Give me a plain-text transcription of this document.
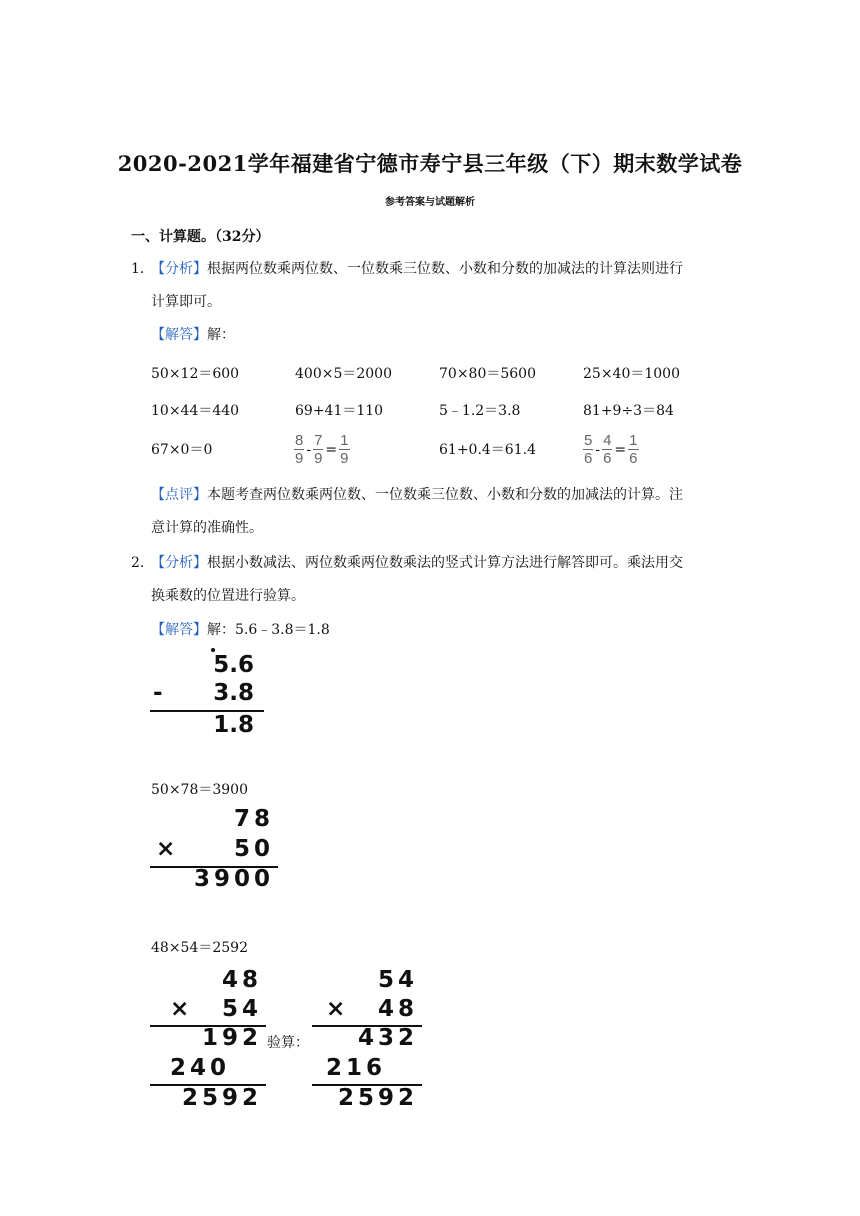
2020-2021学年福建省宁德市寿宁县三年级（下）期末数学试卷
参考答案与试题解析
一、计算题。（32分）
1．
【分析】根据两位数乘两位数、一位数乘三位数、小数和分数的加减法的计算法则进行
计算即可。
【解答】解：
50×12＝600	400×5＝2000	70×80＝5600	25×40＝1000
10×44＝440	69+41＝110	5﹣1.2＝3.8	81+9÷3＝84
67×0＝0	$\frac{8}{9} - \frac{7}{9} = \frac{1}{9}$	61+0.4＝61.4	$\frac{5}{6} - \frac{4}{6} = \frac{1}{6}$
【点评】本题考查两位数乘两位数、一位数乘三位数、小数和分数的加减法的计算。注
意计算的准确性。
2．
【分析】根据小数减法、两位数乘两位数乘法的竖式计算方法进行解答即可。乘法用交
换乘数的位置进行验算。
【解答】解：5.6﹣3.8＝1.8
5.6
- 3.8
1.8
50×78＝3900
78
× 50
3900
48×54＝2592
48
× 54
192
240
2592
验算：
54
× 48
432
216
2592
